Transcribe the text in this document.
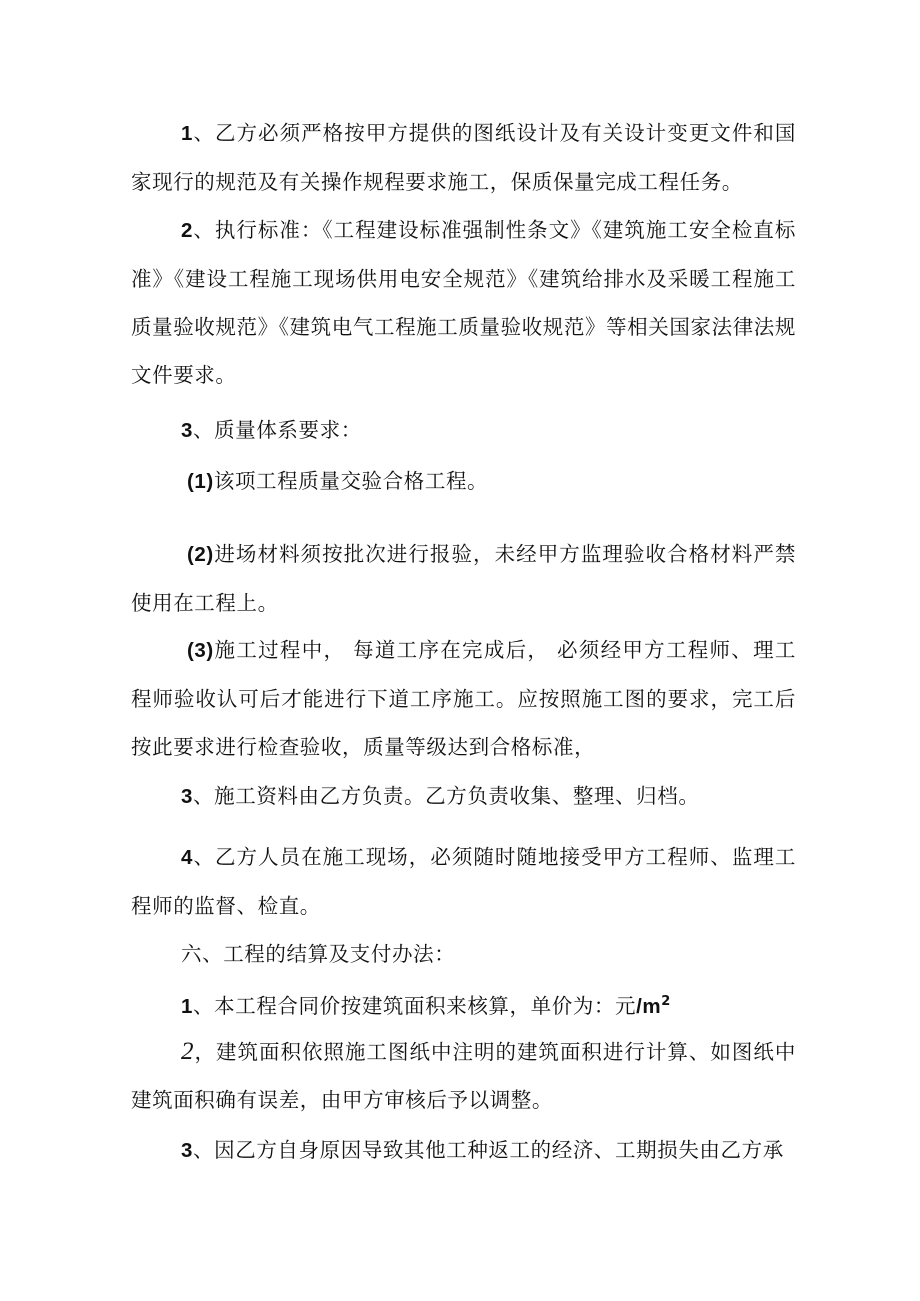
1、乙方必须严格按甲方提供的图纸设计及有关设计变更文件和国家现行的规范及有关操作规程要求施工，保质保量完成工程任务。

2、执行标准：《工程建设标准强制性条文》《建筑施工安全检直标准》《建设工程施工现场供用电安全规范》《建筑给排水及采暖工程施工质量验收规范》《建筑电气工程施工质量验收规范》等相关国家法律法规文件要求。

3、质量体系要求：

(1)该项工程质量交验合格工程。

(2)进场材料须按批次进行报验，未经甲方监理验收合格材料严禁使用在工程上。

(3)施工过程中， 每道工序在完成后， 必须经甲方工程师、理工程师验收认可后才能进行下道工序施工。应按照施工图的要求，完工后按此要求进行检查验收，质量等级达到合格标准，

3、施工资料由乙方负责。乙方负责收集、整理、归档。

4、乙方人员在施工现场，必须随时随地接受甲方工程师、监理工程师的监督、检直。

六、工程的结算及支付办法：

1、本工程合同价按建筑面积来核算，单价为：元$/m^2$

2，建筑面积依照施工图纸中注明的建筑面积进行计算、如图纸中建筑面积确有误差，由甲方审核后予以调整。

3、因乙方自身原因导致其他工种返工的经济、工期损失由乙方承
